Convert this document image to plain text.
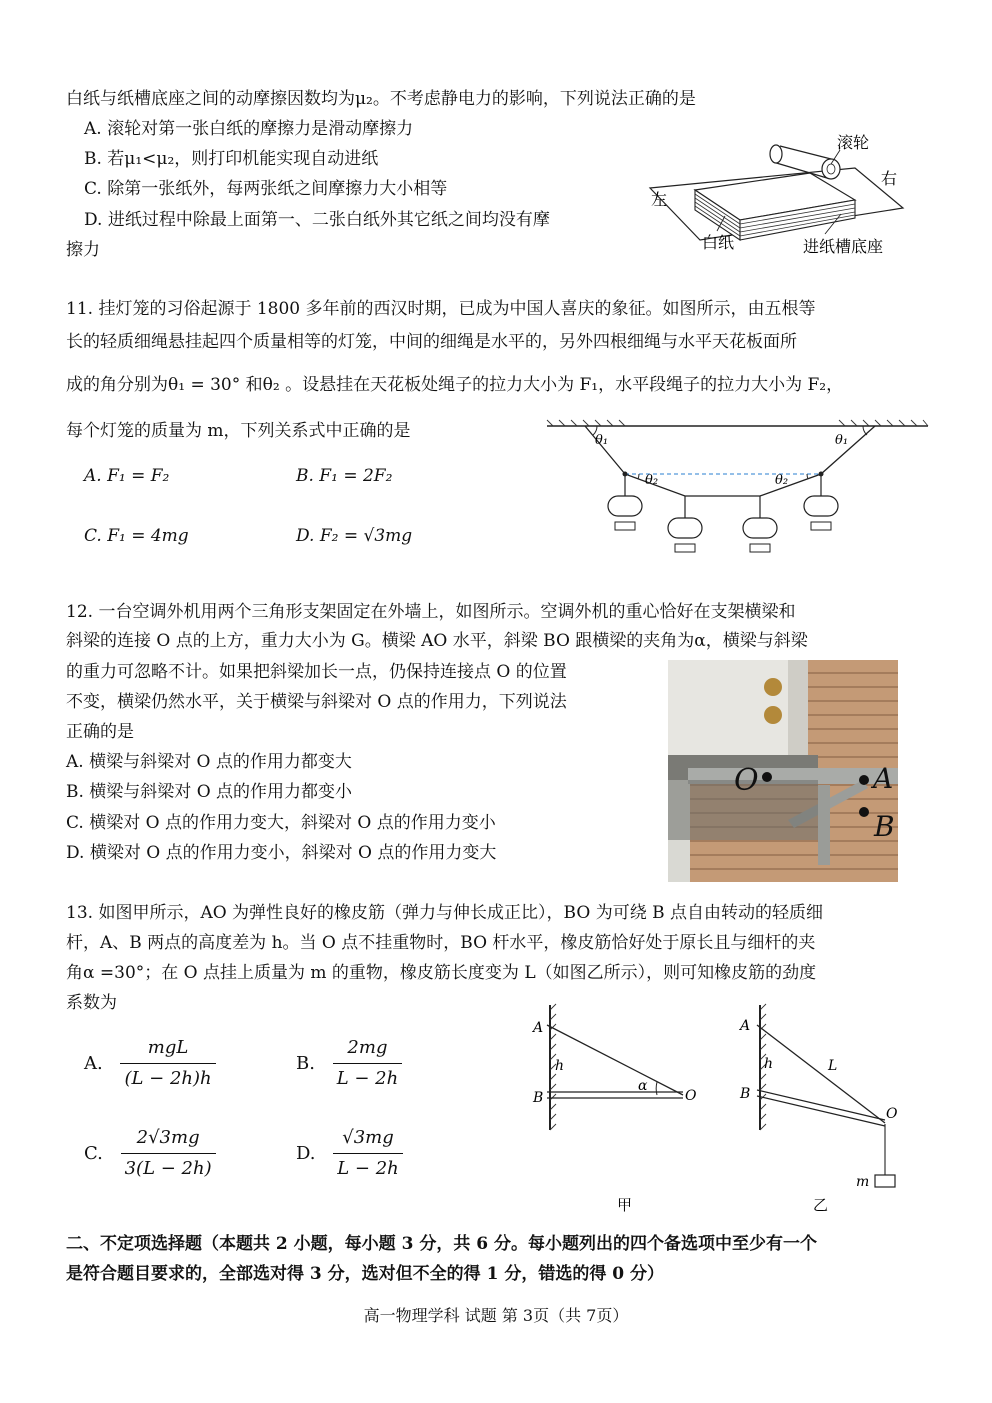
白纸与纸槽底座之间的动摩擦因数均为μ₂。不考虑静电力的影响，下列说法正确的是
A. 滚轮对第一张白纸的摩擦力是滑动摩擦力
B. 若μ₁<μ₂，则打印机能实现自动进纸
C. 除第一张纸外，每两张纸之间摩擦力大小相等
D. 进纸过程中除最上面第一、二张白纸外其它纸之间均没有摩
擦力
滚轮
左
右
白纸	进纸槽底座
11. 挂灯笼的习俗起源于 1800 多年前的西汉时期，已成为中国人喜庆的象征。如图所示，由五根等
长的轻质细绳悬挂起四个质量相等的灯笼，中间的细绳是水平的，另外四根细绳与水平天花板面所
成的角分别为θ₁ = 30° 和θ₂ 。设悬挂在天花板处绳子的拉力大小为 F₁，水平段绳子的拉力大小为 F₂，
每个灯笼的质量为 m，下列关系式中正确的是
A. F₁ = F₂	B. F₁ = 2F₂
C. F₁ = 4mg	D. F₂ = √3mg
θ₁	θ₁
θ₂	θ₂
12. 一台空调外机用两个三角形支架固定在外墙上，如图所示。空调外机的重心恰好在支架横梁和
斜梁的连接 O 点的上方，重力大小为 G。横梁 AO 水平，斜梁 BO 跟横梁的夹角为α，横梁与斜梁
的重力可忽略不计。如果把斜梁加长一点，仍保持连接点 O 的位置
不变，横梁仍然水平，关于横梁与斜梁对 O 点的作用力，下列说法
正确的是
A. 横梁与斜梁对 O 点的作用力都变大
B. 横梁与斜梁对 O 点的作用力都变小
C. 横梁对 O 点的作用力变大，斜梁对 O 点的作用力变小
D. 横梁对 O 点的作用力变小，斜梁对 O 点的作用力变大
O	A
B
13. 如图甲所示，AO 为弹性良好的橡皮筋（弹力与伸长成正比），BO 为可绕 B 点自由转动的轻质细
杆，A、B 两点的高度差为 h。当 O 点不挂重物时，BO 杆水平，橡皮筋恰好处于原长且与细杆的夹
角α =30°；在 O 点挂上质量为 m 的重物，橡皮筋长度变为 L（如图乙所示），则可知橡皮筋的劲度
系数为
A. $\frac{\text{mgL}}{(L - 2h)h}$	B. $\frac{2mg}{L - 2h}$
C. $\frac{2√3mg}{3(L - 2h)}$	D. $\frac{√3mg}{L - 2h}$
A
B
h
α
O
甲
A
B
h	L
O
m
乙
二、不定项选择题（本题共 2 小题，每小题 3 分，共 6 分。每小题列出的四个备选项中至少有一个
是符合题目要求的，全部选对得 3 分，选对但不全的得 1 分，错选的得 0 分）
高一物理学科 试题 第 3页（共 7页）
